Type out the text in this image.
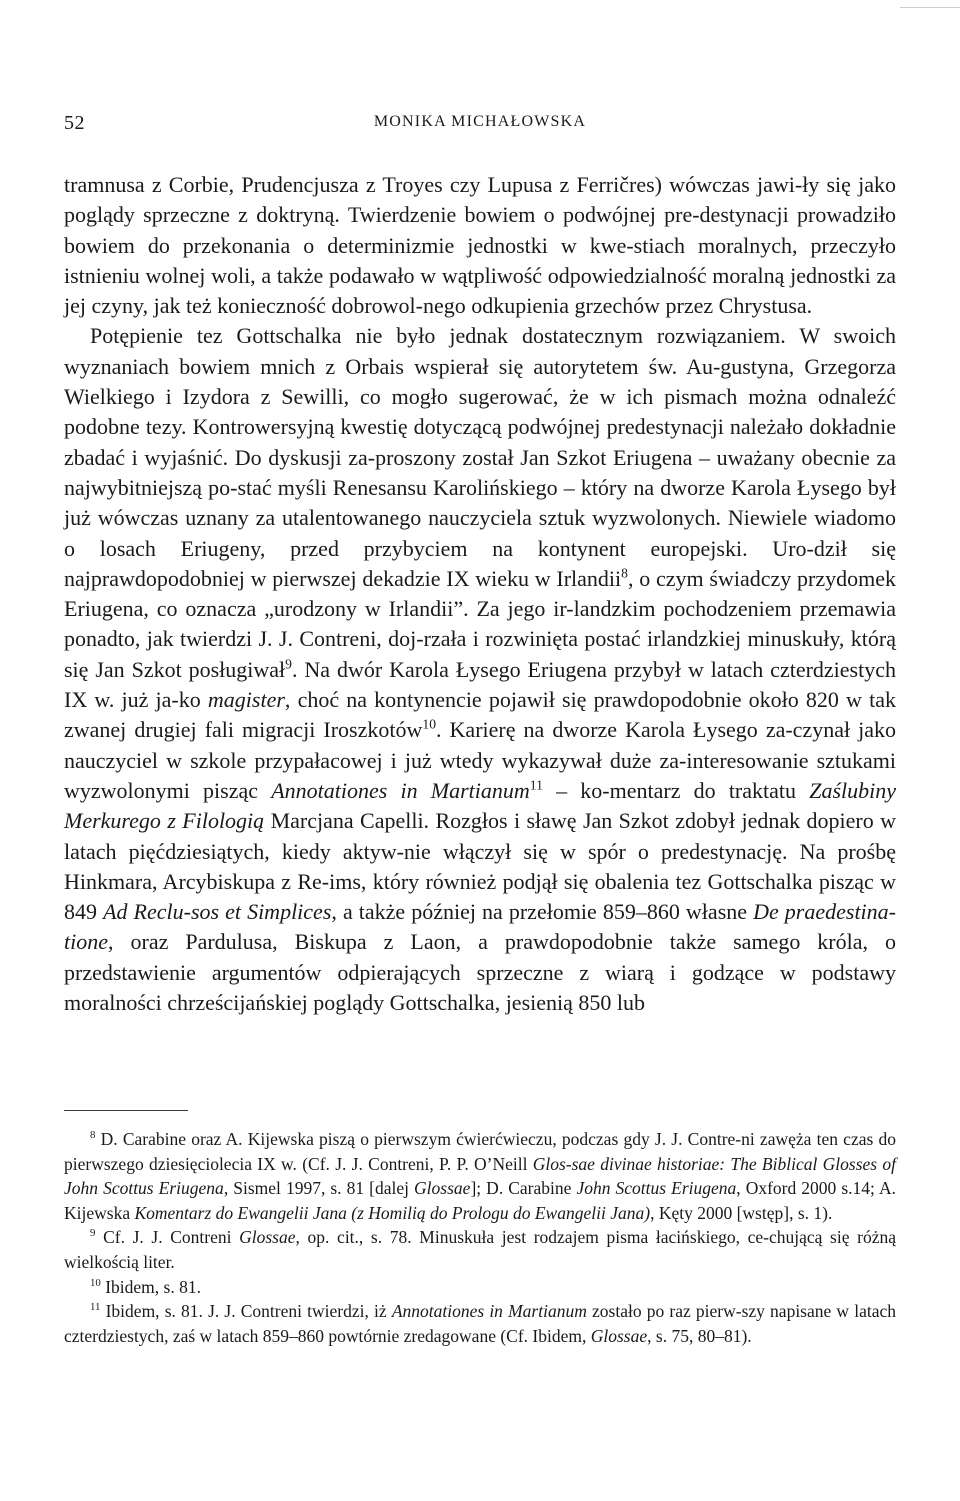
52	MONIKA MICHAŁOWSKA

tramnusa z Corbie, Prudencjusza z Troyes czy Lupusa z Ferričres) wówczas jawi-ły się jako poglądy sprzeczne z doktryną. Twierdzenie bowiem o podwójnej pre-destynacji prowadziło bowiem do przekonania o determinizmie jednostki w kwe-stiach moralnych, przeczyło istnieniu wolnej woli, a także podawało w wątpliwość odpowiedzialność moralną jednostki za jej czyny, jak też konieczność dobrowol-nego odkupienia grzechów przez Chrystusa.

Potępienie tez Gottschalka nie było jednak dostatecznym rozwiązaniem. W swoich wyznaniach bowiem mnich z Orbais wspierał się autorytetem św. Au-gustyna, Grzegorza Wielkiego i Izydora z Sewilli, co mogło sugerować, że w ich pismach można odnaleźć podobne tezy. Kontrowersyjną kwestię dotyczącą podwójnej predestynacji należało dokładnie zbadać i wyjaśnić. Do dyskusji za-proszony został Jan Szkot Eriugena – uważany obecnie za najwybitniejszą po-stać myśli Renesansu Karolińskiego – który na dworze Karola Łysego był już wówczas uznany za utalentowanego nauczyciela sztuk wyzwolonych. Niewiele wiadomo o losach Eriugeny, przed przybyciem na kontynent europejski. Uro-dził się najprawdopodobniej w pierwszej dekadzie IX wieku w Irlandii$^8$, o czym świadczy przydomek Eriugena, co oznacza „urodzony w Irlandii”. Za jego ir-landzkim pochodzeniem przemawia ponadto, jak twierdzi J. J. Contreni, doj-rzała i rozwinięta postać irlandzkiej minuskuły, którą się Jan Szkot posługiwał$^9$. Na dwór Karola Łysego Eriugena przybył w latach czterdziestych IX w. już ja-ko magister, choć na kontynencie pojawił się prawdopodobnie około 820 w tak zwanej drugiej fali migracji Iroszkotów$^{10}$. Karierę na dworze Karola Łysego za-czynał jako nauczyciel w szkole przypałacowej i już wtedy wykazywał duże za-interesowanie sztukami wyzwolonymi pisząc Annotationes in Martianum$^{11}$ – ko-mentarz do traktatu Zaślubiny Merkurego z Filologią Marcjana Capelli. Rozgłos i sławę Jan Szkot zdobył jednak dopiero w latach pięćdziesiątych, kiedy aktyw-nie włączył się w spór o predestynację. Na prośbę Hinkmara, Arcybiskupa z Re-ims, który również podjął się obalenia tez Gottschalka pisząc w 849 Ad Reclu-sos et Simplices, a także później na przełomie 859–860 własne De praedestina-tione, oraz Pardulusa, Biskupa z Laon, a prawdopodobnie także samego króla, o przedstawienie argumentów odpierających sprzeczne z wiarą i godzące w podstawy moralności chrześcijańskiej poglądy Gottschalka, jesienią 850 lub

$^8$ D. Carabine oraz A. Kijewska piszą o pierwszym ćwierćwieczu, podczas gdy J. J. Contre-ni zawęża ten czas do pierwszego dziesięciolecia IX w. (Cf. J. J. Contreni, P. P. O’Neill Glos-sae divinae historiae: The Biblical Glosses of John Scottus Eriugena, Sismel 1997, s. 81 [dalej Glossae]; D. Carabine John Scottus Eriugena, Oxford 2000 s.14; A. Kijewska Komentarz do Ewangelii Jana (z Homilią do Prologu do Ewangelii Jana), Kęty 2000 [wstęp], s. 1).

$^9$ Cf. J. J. Contreni Glossae, op. cit., s. 78. Minuskuła jest rodzajem pisma łacińskiego, ce-chującą się różną wielkością liter.

$^{10}$ Ibidem, s. 81.

$^{11}$ Ibidem, s. 81. J. J. Contreni twierdzi, iż Annotationes in Martianum zostało po raz pierw-szy napisane w latach czterdziestych, zaś w latach 859–860 powtórnie zredagowane (Cf. Ibidem, Glossae, s. 75, 80–81).
